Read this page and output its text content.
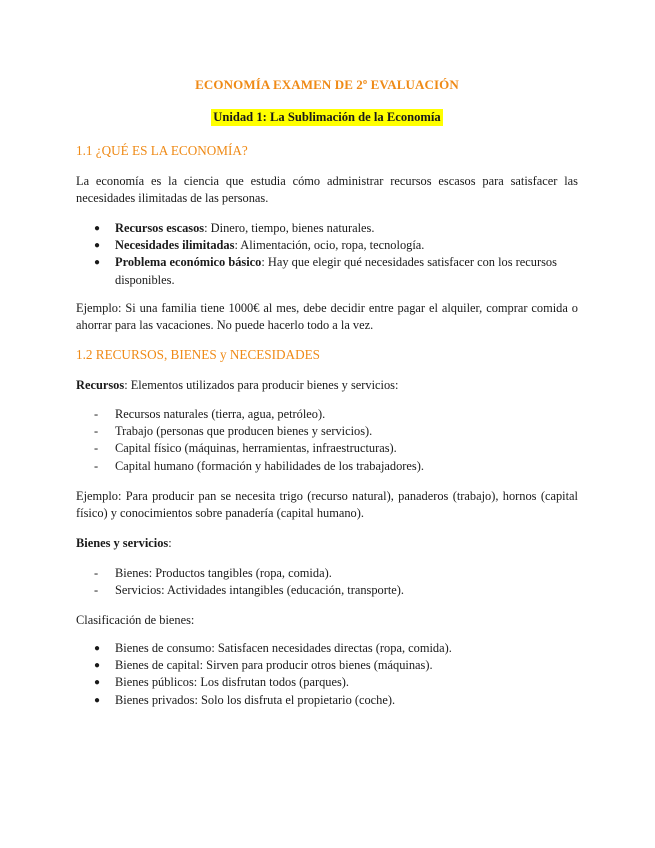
ECONOMÍA EXAMEN DE 2º EVALUACIÓN
Unidad 1: La Sublimación de la Economía
1.1 ¿QUÉ ES LA ECONOMÍA?
La economía es la ciencia que estudia cómo administrar recursos escasos para satisfacer las necesidades ilimitadas de las personas.
●	Recursos escasos: Dinero, tiempo, bienes naturales.
●	Necesidades ilimitadas: Alimentación, ocio, ropa, tecnología.
●	Problema económico básico: Hay que elegir qué necesidades satisfacer con los recursos disponibles.
Ejemplo: Si una familia tiene 1000€ al mes, debe decidir entre pagar el alquiler, comprar comida o ahorrar para las vacaciones. No puede hacerlo todo a la vez.
1.2 RECURSOS, BIENES y NECESIDADES
Recursos: Elementos utilizados para producir bienes y servicios:
-	Recursos naturales (tierra, agua, petróleo).
-	Trabajo (personas que producen bienes y servicios).
-	Capital físico (máquinas, herramientas, infraestructuras).
-	Capital humano (formación y habilidades de los trabajadores).
Ejemplo: Para producir pan se necesita trigo (recurso natural), panaderos (trabajo), hornos (capital físico) y conocimientos sobre panadería (capital humano).
Bienes y servicios:
-	Bienes: Productos tangibles (ropa, comida).
-	Servicios: Actividades intangibles (educación, transporte).
Clasificación de bienes:
●	Bienes de consumo: Satisfacen necesidades directas (ropa, comida).
●	Bienes de capital: Sirven para producir otros bienes (máquinas).
●	Bienes públicos: Los disfrutan todos (parques).
●	Bienes privados: Solo los disfruta el propietario (coche).
